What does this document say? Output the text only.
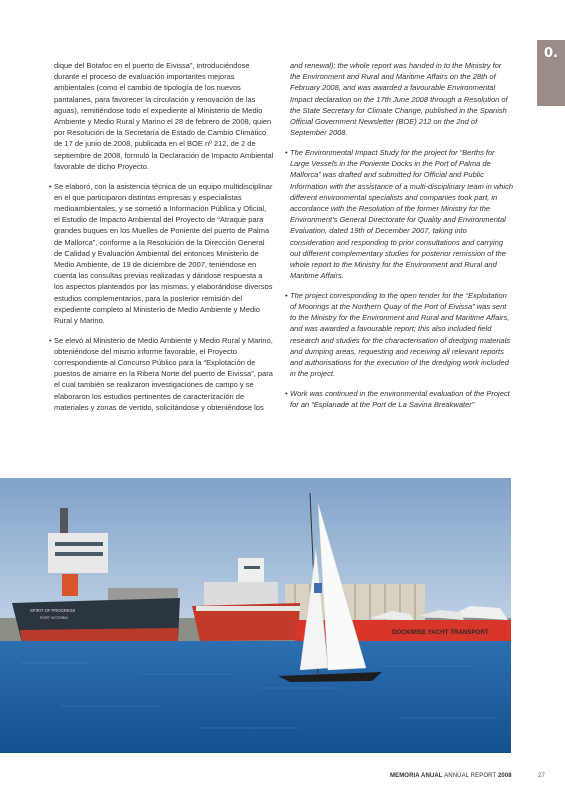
0.

dique del Botafoc en el puerto de Eivissa”, introduciéndose durante el proceso de evaluación importantes mejoras ambientales (como el cambio de tipología de los nuevos pantalanes, para favorecer la circulación y renovación de las aguas), remitiéndose todo el expediente al Ministerio de Medio Ambiente y Medio Rural y Marino el 28 de febrero de 2008, quien por Resolución de la Secretaría de Estado de Cambio Climático de 17 de junio de 2008, publicada en el BOE nº 212, de 2 de septiembre de 2008, formuló la Declaración de Impacto Ambiental favorable de dicho Proyecto.

• Se elaboró, con la asistencia técnica de un equipo multidisciplinar en el que participaron distintas empresas y especialistas medioambientales, y se sometió a Información Pública y Oficial, el Estudio de Impacto Ambiental del Proyecto de “Atraque para grandes buques en los Muelles de Poniente del puerto de Palma de Mallorca”, conforme a la Resolución de la Dirección General de Calidad y Evaluación Ambiental del entonces Ministerio de Medio Ambiente, de 19 de diciembre de 2007, teniéndose en cuenta las consultas previas realizadas y dándose respuesta a los aspectos planteados por las mismas, y elaborándose diversos estudios complementarios, para la posterior remisión del expediente completo al Ministerio de Medio Ambiente y Medio Rural y Marino.

• Se elevó al Ministerio de Medio Ambiente y Medio Rural y Marino, obteniéndose del mismo informe favorable, el Proyecto correspondiente al Concurso Público para la “Explotación de puestos de amarre en la Ribera Norte del puerto de Eivissa”, para el cual también se realizaron investigaciones de campo y se elaboraron los estudios pertinentes de caracterización de materiales y zonas de vertido, solicitándose y obteniéndose los

and renewal); the whole report was handed in to the Ministry for the Environment and Rural and Maritime Affairs on the 28th of February 2008, and was awarded a favourable Environmental Impact declaration on the 17th June 2008 through a Resolution of the State Secretary for Climate Change, published in the Spanish Official Government Newsletter (BOE) 212 on the 2nd of September 2008.

• The Environmental Impact Study for the project for “Berths for Large Vessels in the Poniente Docks in the Port of Palma de Mallorca” was drafted and submitted for Official and Public Information with the assistance of a multi-disciplinary team in which different environmental specialists and companies took part, in accordance with the Resolution of the former Ministry for the Environment’s General Directorate for Quality and Environmental Evaluation, dated 19th of December 2007, taking into consideration and responding to prior consultations and carrying out different complementary studies for posterior remission of the whole report to the Ministry for the Environment and Rural and Maritime Affairs.

• The project corresponding to the open tender for the “Exploitation of Moorings at the Northern Quay of the Port of Eivissa” was sent to the Ministry for the Environment and Rural and Maritime Affairs, and was awarded a favourable report; this also included field research and studies for the characterisation of dredging materials and dumping areas, requesting and receiving all relevant reports and authorisations for the execution of the dredging work included in the project.

• Work was continued in the environmental evaluation of the Project for an “Esplanade at the Port de La Savina Breakwater”

SPIRIT OF PROGRESS
PORT VICTORIA
DOCKWISE YACHT TRANSPORT
MEMORIA ANUAL ANNUAL REPORT 2008	27
